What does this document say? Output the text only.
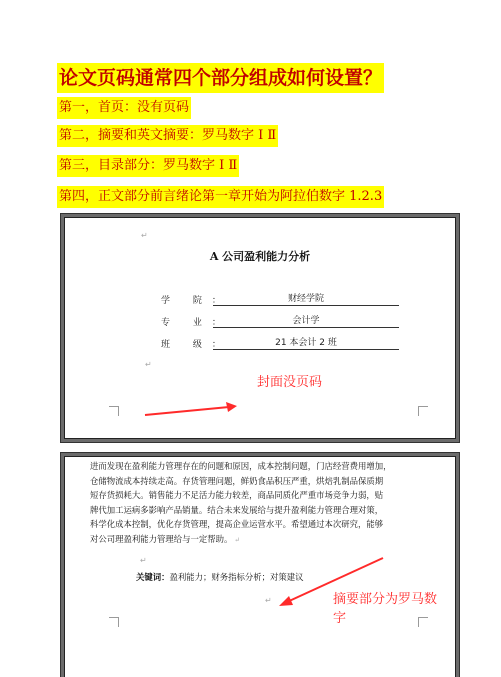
论文页码通常四个部分组成如何设置？
第一，首页：没有页码
第二，摘要和英文摘要：罗马数字 Ⅰ Ⅱ
第三，目录部分：罗马数字 Ⅰ Ⅱ
第四，正文部分前言绪论第一章开始为阿拉伯数字 1.2.3
↵
A 公司盈利能力分析
学 院：	财经学院
专 业：	会计学
班 级：	21 本会计 2 班
↵
封面没页码
进而发现在盈利能力管理存在的问题和原因，成本控制问题，门店经营费用增加，
仓储物流成本持续走高。存货管理问题，鲜奶食品积压严重，烘焙乳制品保质期
短存货损耗大。销售能力不足活力能力较差，商品同质化严重市场竞争力弱，贴
牌代加工运病多影响产品销量。结合未来发展给与提升盈利能力管理合理对策，
科学化成本控制，优化存货管理，提高企业运营水平。希望通过本次研究，能够
对公司理盈利能力管理给与一定帮助。 ↵
↵
关键词：盈利能力；财务指标分析；对策建议
摘要部分为罗马数字
↵
